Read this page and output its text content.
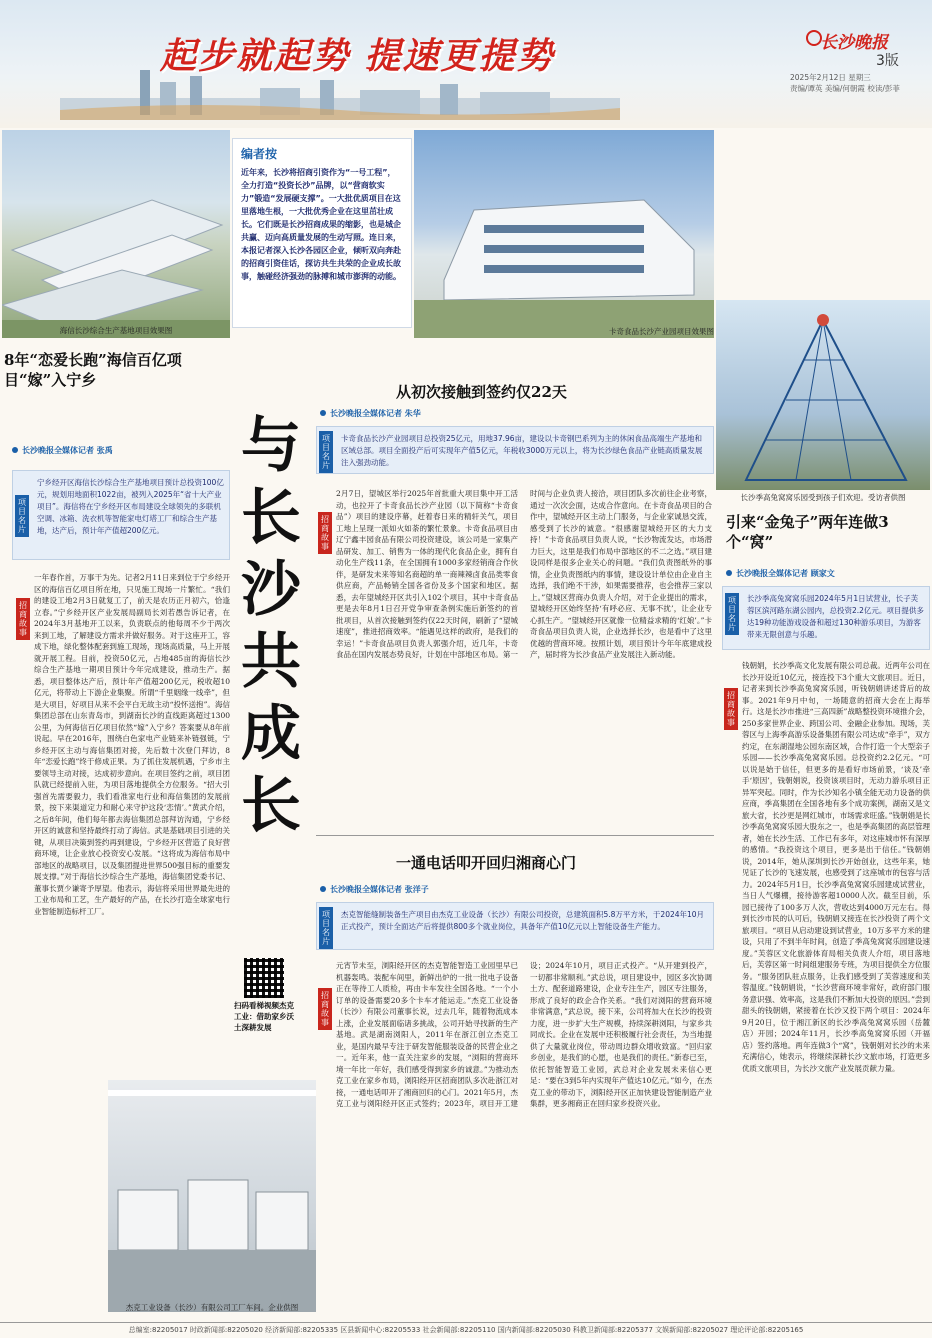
起步就起势 提速更提势	长沙晚报
3版
2025年2月12日 星期三
责编/谭英 美编/何朝霞 校读/彭菲
海信长沙综合生产基地项目效果图
编者按
近年来，长沙将招商引资作为“一号工程”，全力打造“投资长沙”品牌，以“营商软实力”锻造“发展硬支撑”。一大批优质项目在这里落地生根，一大批优秀企业在这里茁壮成长。它们既是长沙招商成果的缩影，也是城企共赢、迈向高质量发展的生动写照。连日来，本报记者深入长沙各园区企业，倾听双向奔赴的招商引资佳话，探访共生共荣的企业成长故事，触碰经济强劲的脉搏和城市澎湃的动能。
卡奇食品长沙产业园项目效果图
长沙季高兔窝窝乐园受到孩子们欢迎。受访者供图
8年“恋爱长跑”海信百亿项目“嫁”入宁乡
长沙晚报全媒体记者 张禹
项目名片
宁乡经开区海信长沙综合生产基地项目预计总投资100亿元，规划用地面积1022亩，被列入2025年“省十大产业项目”。海信将在宁乡经开区布局建设全球领先的多联机空调、冰箱、洗衣机等智能家电灯塔工厂和综合生产基地，达产后，预计年产值超200亿元。
招商故事
一年春作首，万事干为先。记者2月11日来到位于宁乡经开区的海信百亿项目所在地，只见施工现场一片繁忙。“我们的建设工地2月3日就复工了，前天是农历正月初六，恰逢立春。”宁乡经开区产业发展局副局长刘若愚告诉记者，在2024年3月基地开工以来，负责联点的他每周不少于两次来到工地，了解建设方需求并做好服务。对于这座开工，容成下地，绿化整体配套到施工现场，现场高质量，马上开展就开展工程。目前，投资50亿元，占地485亩的海信长沙综合生产基地一期项目预计今年完成建设，推动生产。据悉，项目整体达产后，预计年产值超200亿元，税收超10亿元，将带动上下游企业集聚。所谓“千里姻缘一线牵”，但是大项目，好项目从来不会平白无故主动“投怀送抱”。海信集团总部在山东青岛市，到湖南长沙的直线距离超过1300公里，为何海信百亿项目依然“嫁”入宁乡？答案要从8年前说起。早在2016年，围绕白色家电产业链来补链强链，宁乡经开区主动与海信集团对接，先后数十次登门拜访，8年“恋爱长跑”终于修成正果。为了抓住发展机遇，宁乡市主要领导主动对接，达成初步意向。在项目签约之前，项目团队就已经提前入驻，为项目落地提供全方位服务。“招大引强首先需要毅力，我们看准家电行业和海信集团的发展前景，按下来渠道定力和耐心来守护这段‘恋情’。”黄武介绍，之后8年间，他们每年都去海信集团总部拜访沟通，宁乡经开区的诚意和坚持最终打动了海信。武是基础项目引进的关键，从项目决策到签约再到建设，宁乡经开区营造了良好营商环境，让企业放心投资安心发展。“这将成为海信布局中部地区的战略项目，以及集团提进世界500强目标的重要发展支撑。”对于海信长沙综合生产基地，海信集团党委书记、董事长贾少谦寄予厚望。他表示，海信将采用世界最先进的工业布局和工艺，生产最好的产品，在长沙打造全球家电行业智能制造标杆工厂。
与长沙共成长
扫码看梯视频杰克工业：借助家乡沃土深耕发展
从初次接触到签约仅22天
长沙晚报全媒体记者 朱华
项目名片
卡奇食品长沙产业园项目总投资25亿元，用地37.96亩，建设以卡奇钢巴系列为主的休闲食品高端生产基地和区域总部。项目全面投产后可实现年产值5亿元，年税收3000万元以上，将为长沙绿色食品产业链高质量发展注入强劲动能。
招商故事
2月7日，望城区举行2025年首批重大项目集中开工活动，也拉开了卡奇食品长沙产业园（以下简称“卡奇食品”）项目的建设序幕，赶着春日来的精轩关气，项目工地上呈现一派如火如荼的繁忙景象。卡奇食品项目由辽宁鑫丰园食品有限公司投资建设，该公司是一家集产品研发、加工、销售为一体的现代化食品企业，拥有自动化生产线11条，在全国拥有1000多家经销商合作伙伴，是研发未来等知名商超的单一商辣辣卤食品类零食供应商，产品畅销全国各省份及多个国家和地区。据悉，去年望城经开区共引入102个项目，其中卡奇食品更是去年8月1日召开党争审查条例实施后新签约的首批项目，从首次接触到签约仅22天时间，刷新了“望城速度”，推进招商效率。“能遇见这样的政府，是我们的幸运！”卡奇食品项目负责人郭强介绍，近几年，卡奇食品在国内发展态势良好，计划在中部地区布局。第一时间与企业负责人接洽，项目团队多次前往企业考察，通过一次次会面，达成合作意向。在卡奇食品项目的合作中，望城经开区主动上门服务，与企业家诚恳交流，感受到了长沙的诚意。“很感谢望城经开区的大力支持！”卡奇食品项目负责人说，“长沙物流发达，市场潜力巨大，这里是我们布局中部地区的不二之选。”项目建设同样是很多企业关心的问题。“我们负责图纸外的事情，企业负责图纸内的事情，建设设计单位由企业自主选择，我们绝不干涉，如果需要推荐，也会推荐三家以上。”望城区营商办负责人介绍，对于企业提出的需求，望城经开区始终坚持‘有呼必应、无事不扰’，让企业专心抓生产。“望城经开区就像一位精益求精的‘红娘’。”卡奇食品项目负责人说，企业选择长沙，也是看中了这里优越的营商环境。按照计划，项目预计今年年底建成投产，届时将为长沙食品产业发展注入新动能。
一通电话叩开回归湘商心门
长沙晚报全媒体记者 张洋子
项目名片
杰克智能缝制装备生产项目由杰克工业设备（长沙）有限公司投资，总建筑面积5.8万平方米，于2024年10月正式投产，预计全面达产后将提供800多个就业岗位，具备年产值10亿元以上智能设备生产能力。
招商故事
元宵节未至，浏阳经开区的杰克智能智造工业园里早已机器轰鸣。装配车间里，新鲜出炉的一批一批电子设备正在等待工人质检，再由卡车发往全国各地。“一个小订单的设备需要20多个卡车才能运走。”杰克工业设备（长沙）有限公司董事长说，过去几年，随着物流成本上涨，企业发展面临诸多挑战，公司开始寻找新的生产基地。武是湖南浏阳人，2011年在浙江创立杰克工业，是国内最早专注于研发智能服装设备的民营企业之一。近年来，他一直关注家乡的发展，“浏阳的营商环境一年比一年好，我们感受得到家乡的诚意。”为推动杰克工业在家乡布局，浏阳经开区招商团队多次赴浙江对接，一通电话叩开了湘商回归的心门。2021年5月，杰克工业与浏阳经开区正式签约；2023年，项目开工建设；2024年10月，项目正式投产。“从开建到投产，一切都非常顺利。”武总说，项目建设中，园区多次协调土方、配套道路建设，企业专注生产，园区专注服务，形成了良好的政企合作关系。“我们对浏阳的营商环境非常满意，”武总说，接下来，公司将加大在长沙的投资力度，进一步扩大生产规模，持续深耕浏阳，与家乡共同成长。企业在发展中还积极履行社会责任，为当地提供了大量就业岗位，带动周边群众增收致富。“回归家乡创业，是我们的心愿，也是我们的责任。”新春已至，依托智能智造工业园，武总对企业发展未来信心更足：“要在3到5年内实现年产值达10亿元。”如今，在杰克工业的带动下，浏阳经开区正加快建设智能制造产业集群，更多湘商正在回归家乡投资兴业。
杰克工业设备（长沙）有限公司工厂车间。企业供图
引来“金兔子”两年连做3个“窝”
长沙晚报全媒体记者 顾家文
项目名片
长沙季高兔窝窝乐园2024年5月1日试营业，长子芙蓉区滨河路东湖公园内，总投资2.2亿元。项目提供多达19种功能游戏设备和超过130种游乐项目，为游客带来无限创意与乐趣。
招商故事
钱朝娟，长沙季高文化发展有限公司总裁。近两年公司在长沙开设近10亿元，接连投下3个重大文旅项目。近日，记者来到长沙季高兔窝窝乐园，听钱朝娟讲述背后的故事。2021年9月中旬，一场随意的招商大会在上海举行。这是长沙市推进“三高四新”战略整投资环境推介会，250多家世界企业、跨国公司、金融企业参加。现场，芙蓉区与上海季高游乐设备集团有限公司达成“牵手”，双方约定，在东湖湿地公园东南区域，合作打造一个大型亲子乐园——长沙季高兔窝窝乐园。总投资约2.2亿元。“可以说是始于信任，但更多的是看好市场前景，‘谈及’牵手‘原因’，钱朝娟说，投资该项目时，无动力游乐项目正异军突起。同时，作为长沙知名小镇全能无动力设备的供应商，季高集团在全国各地有多个成功案例，湖南又是文旅大省，长沙更是网红城市，市场需求旺盛。”钱朝娟是长沙季高兔窝窝乐园大股东之一，也是季高集团的高层管理者，她在长沙生活、工作已有多年，对这座城市怀有深厚的感情。“我投资这个项目，更多是出于信任。”钱朝娟说，2014年，她从深圳到长沙开始创业，这些年来，她见证了长沙的飞速发展，也感受到了这座城市的包容与活力。2024年5月1日，长沙季高兔窝窝乐园建成试营业，当日人气爆棚，接待游客超10000人次。截至目前，乐园已接待了100多万人次，营收达到4000万元左右。得到长沙市民的认可后，钱朝娟又接连在长沙投资了两个文旅项目。“项目从启动建设到试营业，10万多平方米的建设，只用了不到半年时间，创造了季高兔窝窝乐园建设速度。”芙蓉区文化旅游体育局相关负责人介绍，项目落地后，芙蓉区第一时间组建服务专班，为项目提供全方位服务。“服务团队驻点服务，让我们感受到了芙蓉速度和芙蓉温度。”钱朝娟说，“长沙营商环境非常好，政府部门服务意识强、效率高，这是我们不断加大投资的原因。”尝到甜头的钱朝娟，紧接着在长沙又投下两个项目：2024年9月20日，位于湘江新区的长沙季高兔窝窝乐园（岳麓店）开园；2024年11月，长沙季高兔窝窝乐园（开福店）签约落地。两年连做3个“窝”，钱朝娟对长沙的未来充满信心，她表示，将继续深耕长沙文旅市场，打造更多优质文旅项目，为长沙文旅产业发展贡献力量。
总编室:82205017 时政新闻部:82205020 经济新闻部:82205335 区县新闻中心:82205533 社会新闻部:82205110 国内新闻部:82205030 科教卫新闻部:82205377 文娱新闻部:82205027 理论评论部:82205165
